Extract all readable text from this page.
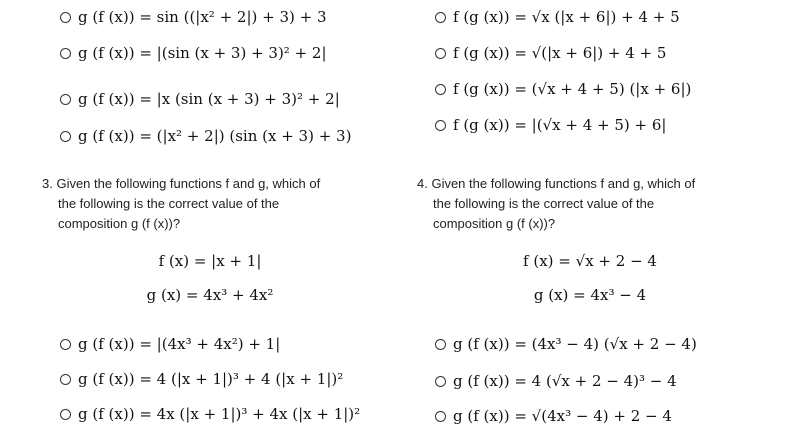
g (f (x)) = sin ((|x² + 2|) + 3) + 3
g (f (x)) = |(sin (x + 3) + 3)² + 2|
g (f (x)) = |x (sin (x + 3) + 3)² + 2|
g (f (x)) = (|x² + 2|) (sin (x + 3) + 3)
3. Given the following functions f and g, which of
the following is the correct value of the
composition g (f (x))?
f (x) = |x + 1|
g (x) = 4x³ + 4x²
g (f (x)) = |(4x³ + 4x²) + 1|
g (f (x)) = 4 (|x + 1|)³ + 4 (|x + 1|)²
g (f (x)) = 4x (|x + 1|)³ + 4x (|x + 1|)²
f (g (x)) = √x (|x + 6|) + 4 + 5
f (g (x)) = √(|x + 6|) + 4 + 5
f (g (x)) = (√x + 4 + 5) (|x + 6|)
f (g (x)) = |(√x + 4 + 5) + 6|
4. Given the following functions f and g, which of
the following is the correct value of the
composition g (f (x))?
f (x) = √x + 2 − 4
g (x) = 4x³ − 4
g (f (x)) = (4x³ − 4) (√x + 2 − 4)
g (f (x)) = 4 (√x + 2 − 4)³ − 4
g (f (x)) = √(4x³ − 4) + 2 − 4
